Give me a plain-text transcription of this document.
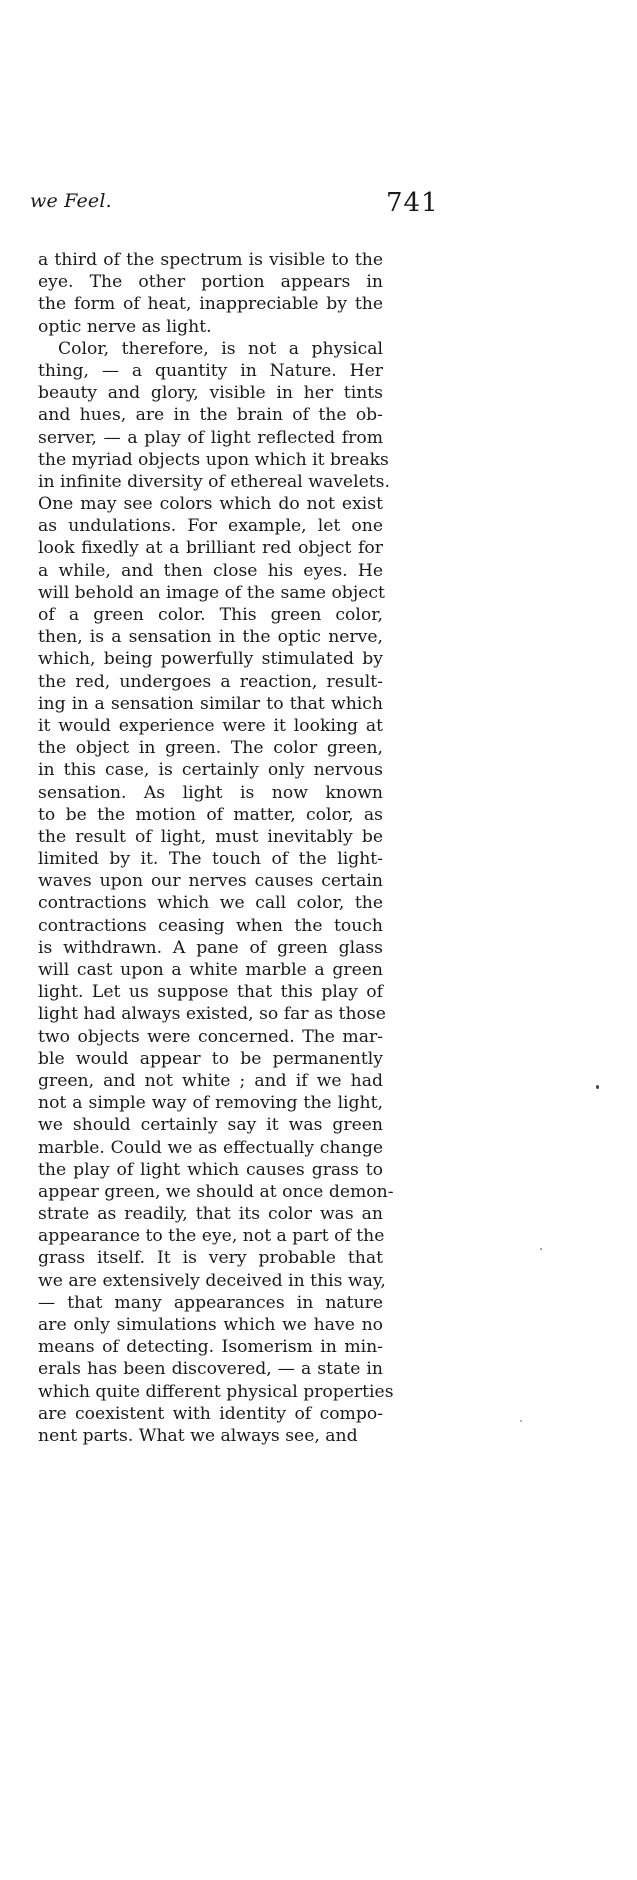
we Feel.	741
a third of the spectrum is visible to the
eye. The other portion appears in
the form of heat, inappreciable by the
optic nerve as light.
Color, therefore, is not a physical
thing, — a quantity in Nature. Her
beauty and glory, visible in her tints
and hues, are in the brain of the ob-
server, — a play of light reflected from
the myriad objects upon which it breaks
in infinite diversity of ethereal wavelets.
One may see colors which do not exist
as undulations. For example, let one
look fixedly at a brilliant red object for
a while, and then close his eyes. He
will behold an image of the same object
of a green color. This green color,
then, is a sensation in the optic nerve,
which, being powerfully stimulated by
the red, undergoes a reaction, result-
ing in a sensation similar to that which
it would experience were it looking at
the object in green. The color green,
in this case, is certainly only nervous
sensation. As light is now known
to be the motion of matter, color, as
the result of light, must inevitably be
limited by it. The touch of the light-
waves upon our nerves causes certain
contractions which we call color, the
contractions ceasing when the touch
is withdrawn. A pane of green glass
will cast upon a white marble a green
light. Let us suppose that this play of
light had always existed, so far as those
two objects were concerned. The mar-
ble would appear to be permanently
green, and not white ; and if we had
not a simple way of removing the light,
we should certainly say it was green
marble. Could we as effectually change
the play of light which causes grass to
appear green, we should at once demon-
strate as readily, that its color was an
appearance to the eye, not a part of the
grass itself. It is very probable that
we are extensively deceived in this way,
— that many appearances in nature
are only simulations which we have no
means of detecting. Isomerism in min-
erals has been discovered, — a state in
which quite different physical properties
are coexistent with identity of compo-
nent parts. What we always see, and
